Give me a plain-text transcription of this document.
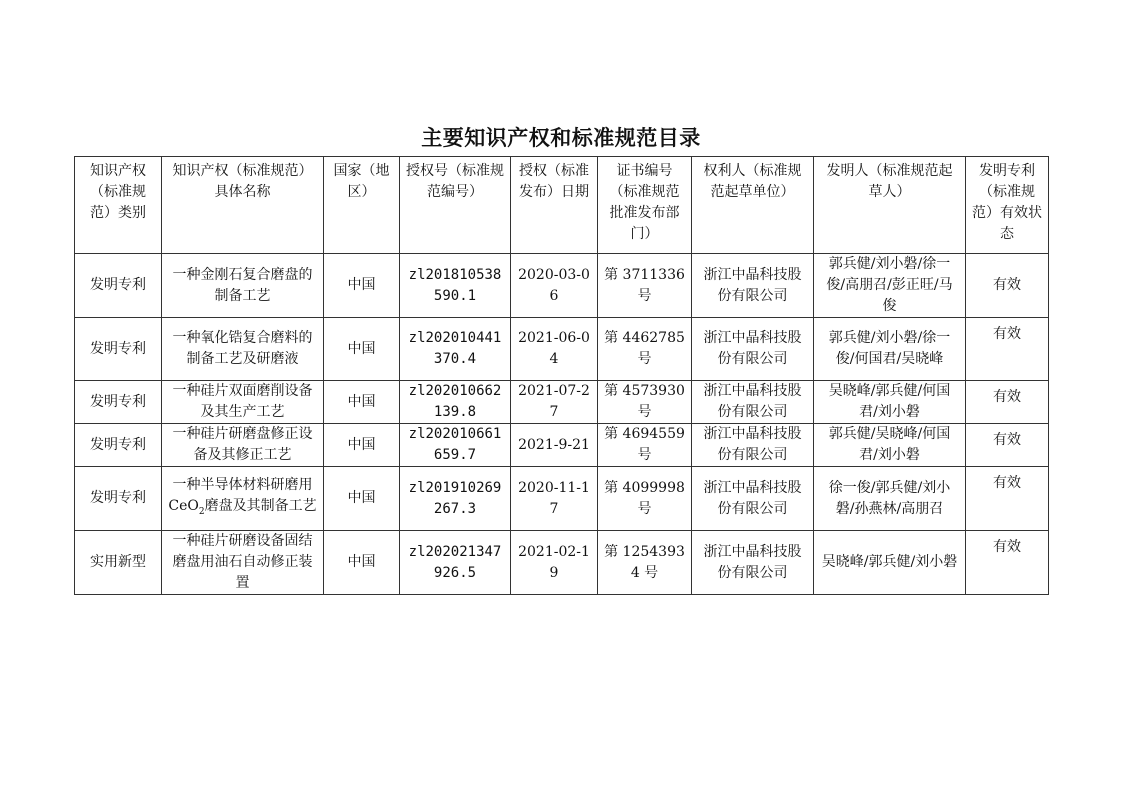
主要知识产权和标准规范目录
知识产权（标准规范）类别	知识产权（标准规范）具体名称	国家（地区）	授权号（标准规范编号）	授权（标准发布）日期	证书编号（标准规范批准发布部门）	权利人（标准规范起草单位）	发明人（标准规范起草人）	发明专利（标准规范）有效状态
发明专利	一种金刚石复合磨盘的制备工艺	中国	zl201810538590.1	2020-03-06	第 3711336 号	浙江中晶科技股份有限公司	郭兵健/刘小磐/徐一俊/高朋召/彭正旺/马俊	有效
发明专利	一种氧化锆复合磨料的制备工艺及研磨液	中国	zl202010441370.4	2021-06-04	第 4462785 号	浙江中晶科技股份有限公司	郭兵健/刘小磐/徐一俊/何国君/吴晓峰	有效
发明专利	一种硅片双面磨削设备及其生产工艺	中国	zl202010662139.8	2021-07-27	第 4573930 号	浙江中晶科技股份有限公司	吴晓峰/郭兵健/何国君/刘小磐	有效
发明专利	一种硅片研磨盘修正设备及其修正工艺	中国	zl202010661659.7	2021-9-21	第 4694559 号	浙江中晶科技股份有限公司	郭兵健/吴晓峰/何国君/刘小磐	有效
发明专利	一种半导体材料研磨用 CeO$_2$磨盘及其制备工艺	中国	zl201910269267.3	2020-11-17	第 4099998 号	浙江中晶科技股份有限公司	徐一俊/郭兵健/刘小磐/孙燕林/高朋召	有效
实用新型	一种硅片研磨设备固结磨盘用油石自动修正装置	中国	zl202021347926.5	2021-02-19	第 12543934 号	浙江中晶科技股份有限公司	吴晓峰/郭兵健/刘小磐	有效
